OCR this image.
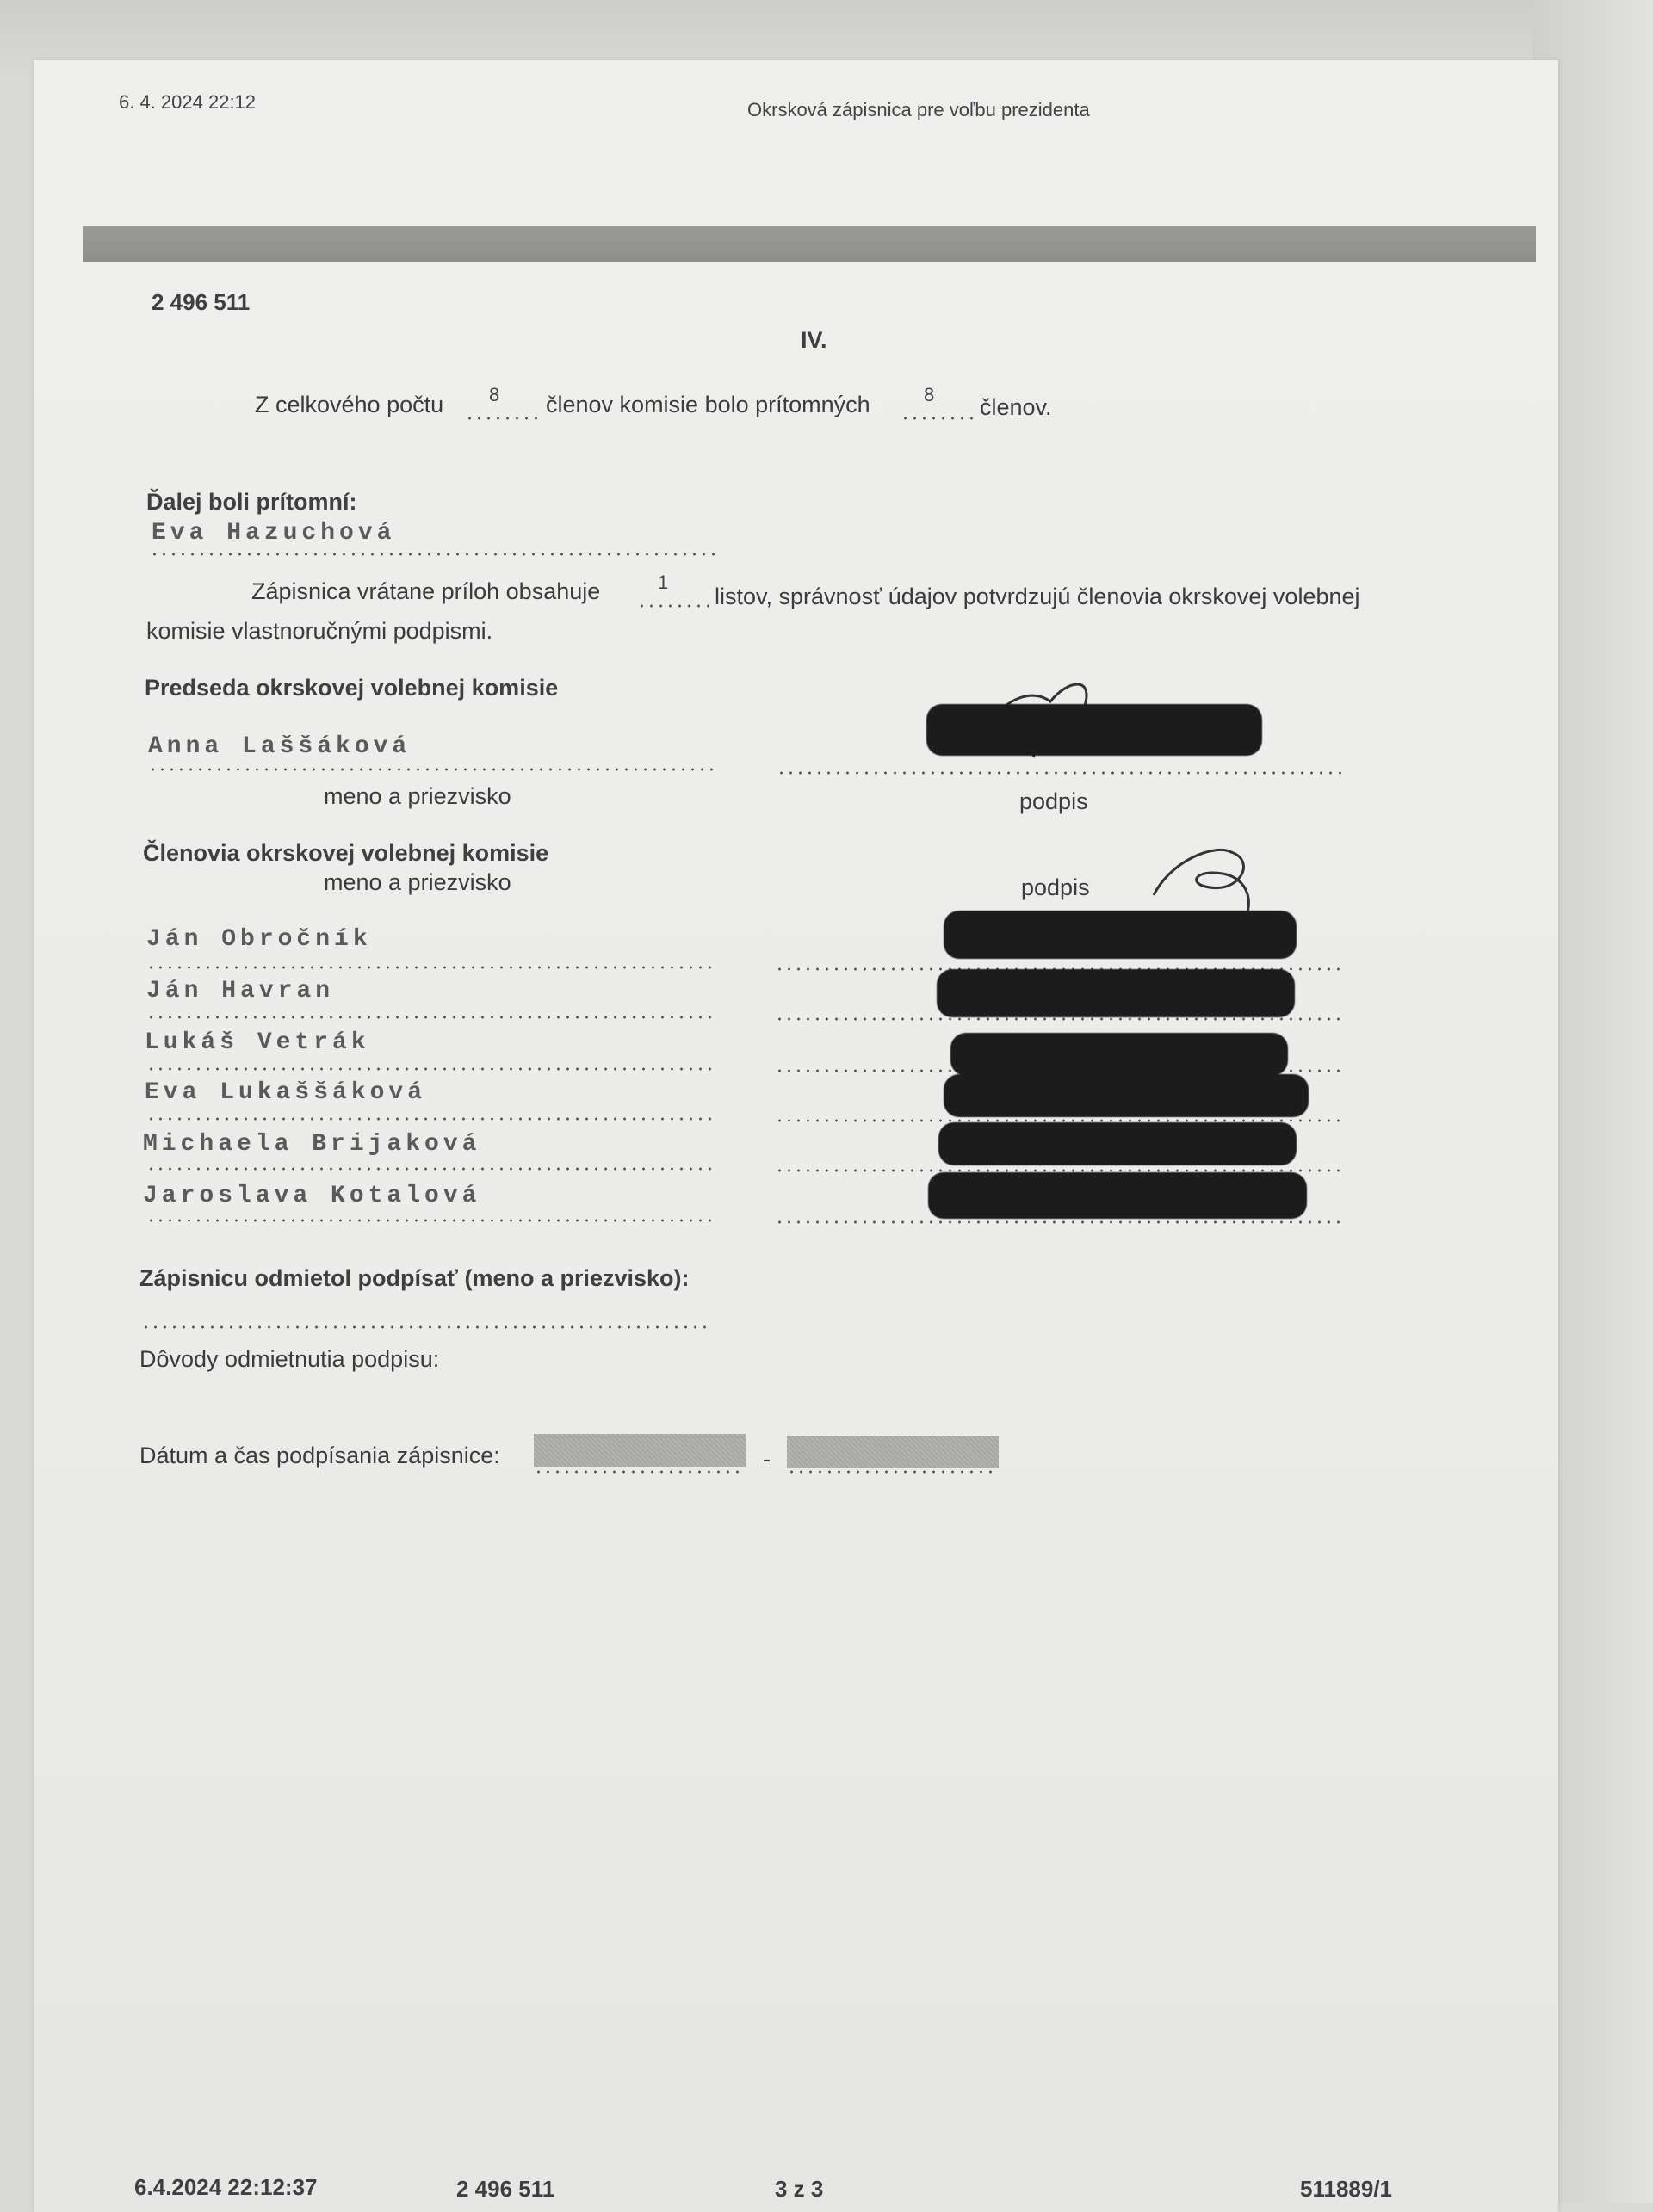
6. 4. 2024 22:12	Okrsková zápisnica pre voľbu prezidenta
2 496 511
IV.
Z celkového počtu 8 členov komisie bolo prítomných	8 členov.
Ďalej boli prítomní:
Eva Hazuchová
Zápisnica vrátane príloh obsahuje	1
listov, správnosť údajov potvrdzujú členovia okrskovej volebnej
komisie vlastnoručnými podpismi.
Predseda okrskovej volebnej komisie
Anna Laššáková
meno a priezvisko	podpis
Členovia okrskovej volebnej komisie
meno a priezvisko	podpis
Ján Obročník
Ján Havran
Lukáš Vetrák
Eva Lukaššáková
Michaela Brijaková
Jaroslava Kotalová
Zápisnicu odmietol podpísať (meno a priezvisko):
Dôvody odmietnutia podpisu:
Dátum a čas podpísania zápisnice:	-
6.4.2024 22:12:37	2 496 511	3 z 3	511889/1
